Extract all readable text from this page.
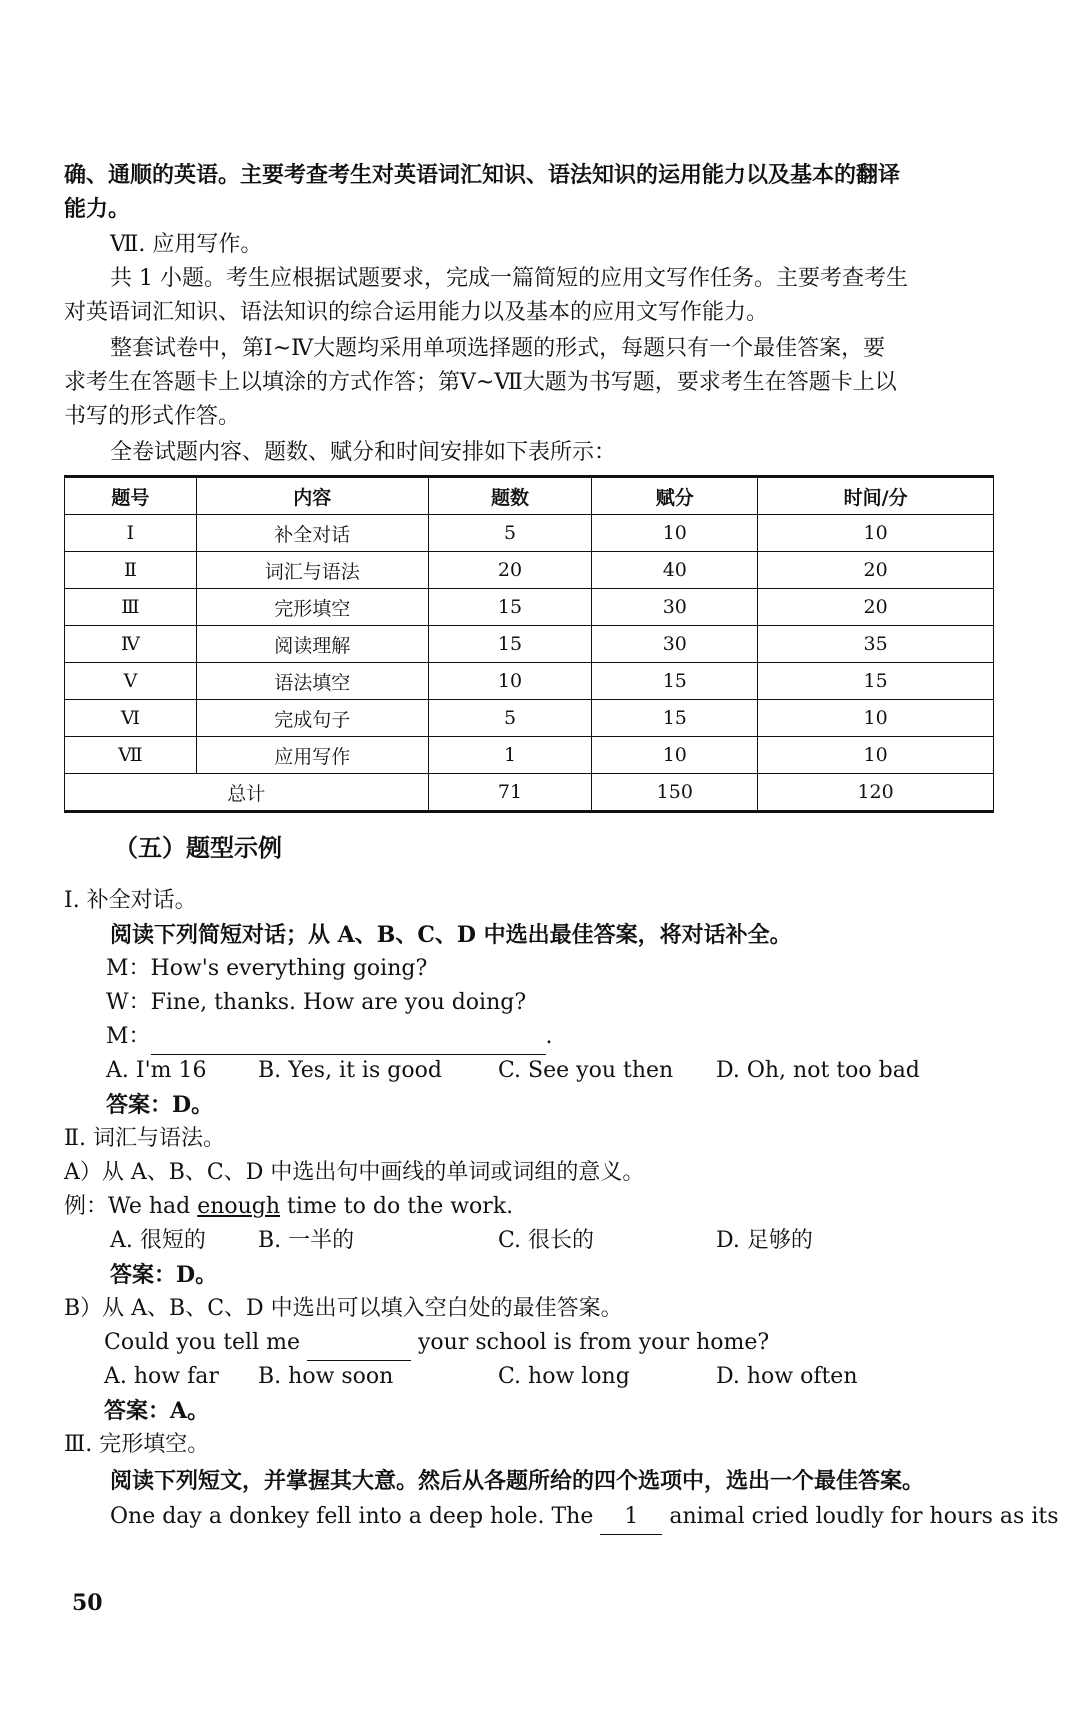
确、通顺的英语。主要考查考生对英语词汇知识、语法知识的运用能力以及基本的翻译
能力。
Ⅶ. 应用写作。
共 1 小题。考生应根据试题要求，完成一篇简短的应用文写作任务。主要考查考生
对英语词汇知识、语法知识的综合运用能力以及基本的应用文写作能力。
整套试卷中，第Ⅰ~Ⅳ大题均采用单项选择题的形式，每题只有一个最佳答案，要
求考生在答题卡上以填涂的方式作答；第Ⅴ~Ⅶ大题为书写题，要求考生在答题卡上以
书写的形式作答。
全卷试题内容、题数、赋分和时间安排如下表所示：
题号	内容	题数	赋分	时间/分
Ⅰ	补全对话	5	10	10
Ⅱ	词汇与语法	20	40	20
Ⅲ	完形填空	15	30	20
Ⅳ	阅读理解	15	30	35
Ⅴ	语法填空	10	15	15
Ⅵ	完成句子	5	15	10
Ⅶ	应用写作	1	10	10
总计		71	150	120
（五）题型示例
Ⅰ. 补全对话。
阅读下列简短对话；从 A、B、C、D 中选出最佳答案，将对话补全。
M：How's everything going?
W：Fine, thanks. How are you doing?
M：	.
A. I'm 16 B. Yes, it is good	C. See you then D. Oh, not too bad
答案：D。
Ⅱ. 词汇与语法。
A）从 A、B、C、D 中选出句中画线的单词或词组的意义。
例：We had enough time to do the work.
A. 很短的 B. 一半的	C. 很长的	D. 足够的
答案：D。
B）从 A、B、C、D 中选出可以填入空白处的最佳答案。
Could you tell me	your school is from your home?
A. how far B. how soon	C. how long	D. how often
答案：A。
Ⅲ. 完形填空。
阅读下列短文，并掌握其大意。然后从各题所给的四个选项中，选出一个最佳答案。
One day a donkey fell into a deep hole. The 1 animal cried loudly for hours as its
50
